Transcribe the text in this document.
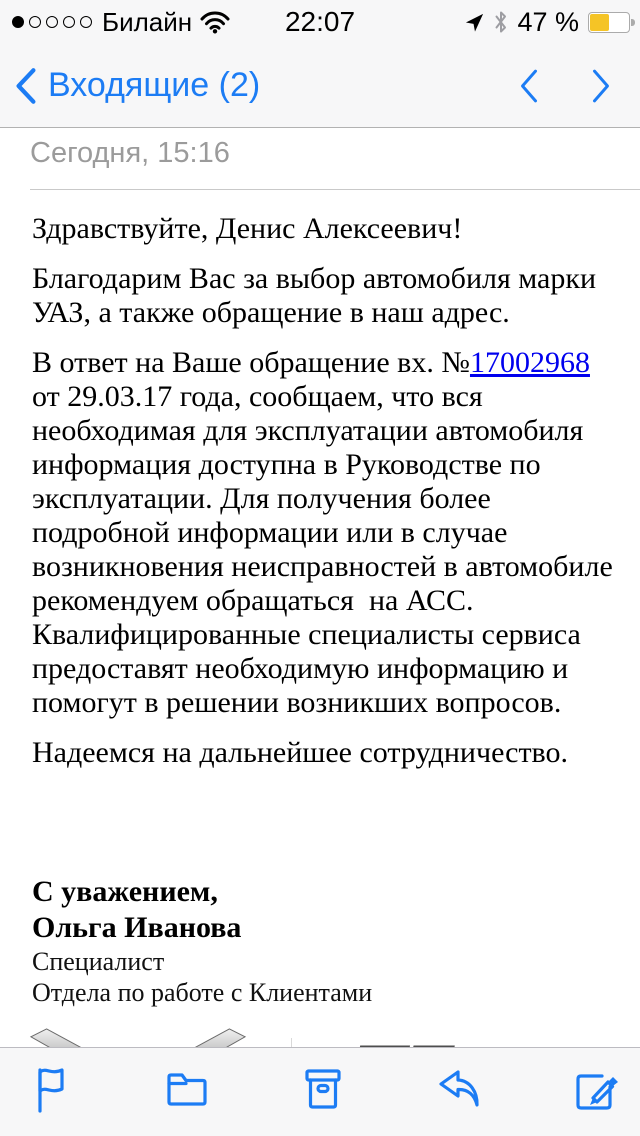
Билайн	22:07	47 %
Входящие (2)
Сегодня, 15:16

Здравствуйте, Денис Алексеевич!

Благодарим Вас за выбор автомобиля марки УАЗ, а также обращение в наш адрес.

В ответ на Ваше обращение вх. №17002968 от 29.03.17 года, сообщаем, что вся необходимая для эксплуатации автомобиля информация доступна в Руководстве по эксплуатации. Для получения более подробной информации или в случае возникновения неисправностей в автомобиле рекомендуем обращаться  на АСС. Квалифицированные специалисты сервиса предоставят необходимую информацию и помогут в решении возникших вопросов.

Надеемся на дальнейшее сотрудничество.

С уважением,

Ольга Иванова

Специалист

Отдела по работе с Клиентами
